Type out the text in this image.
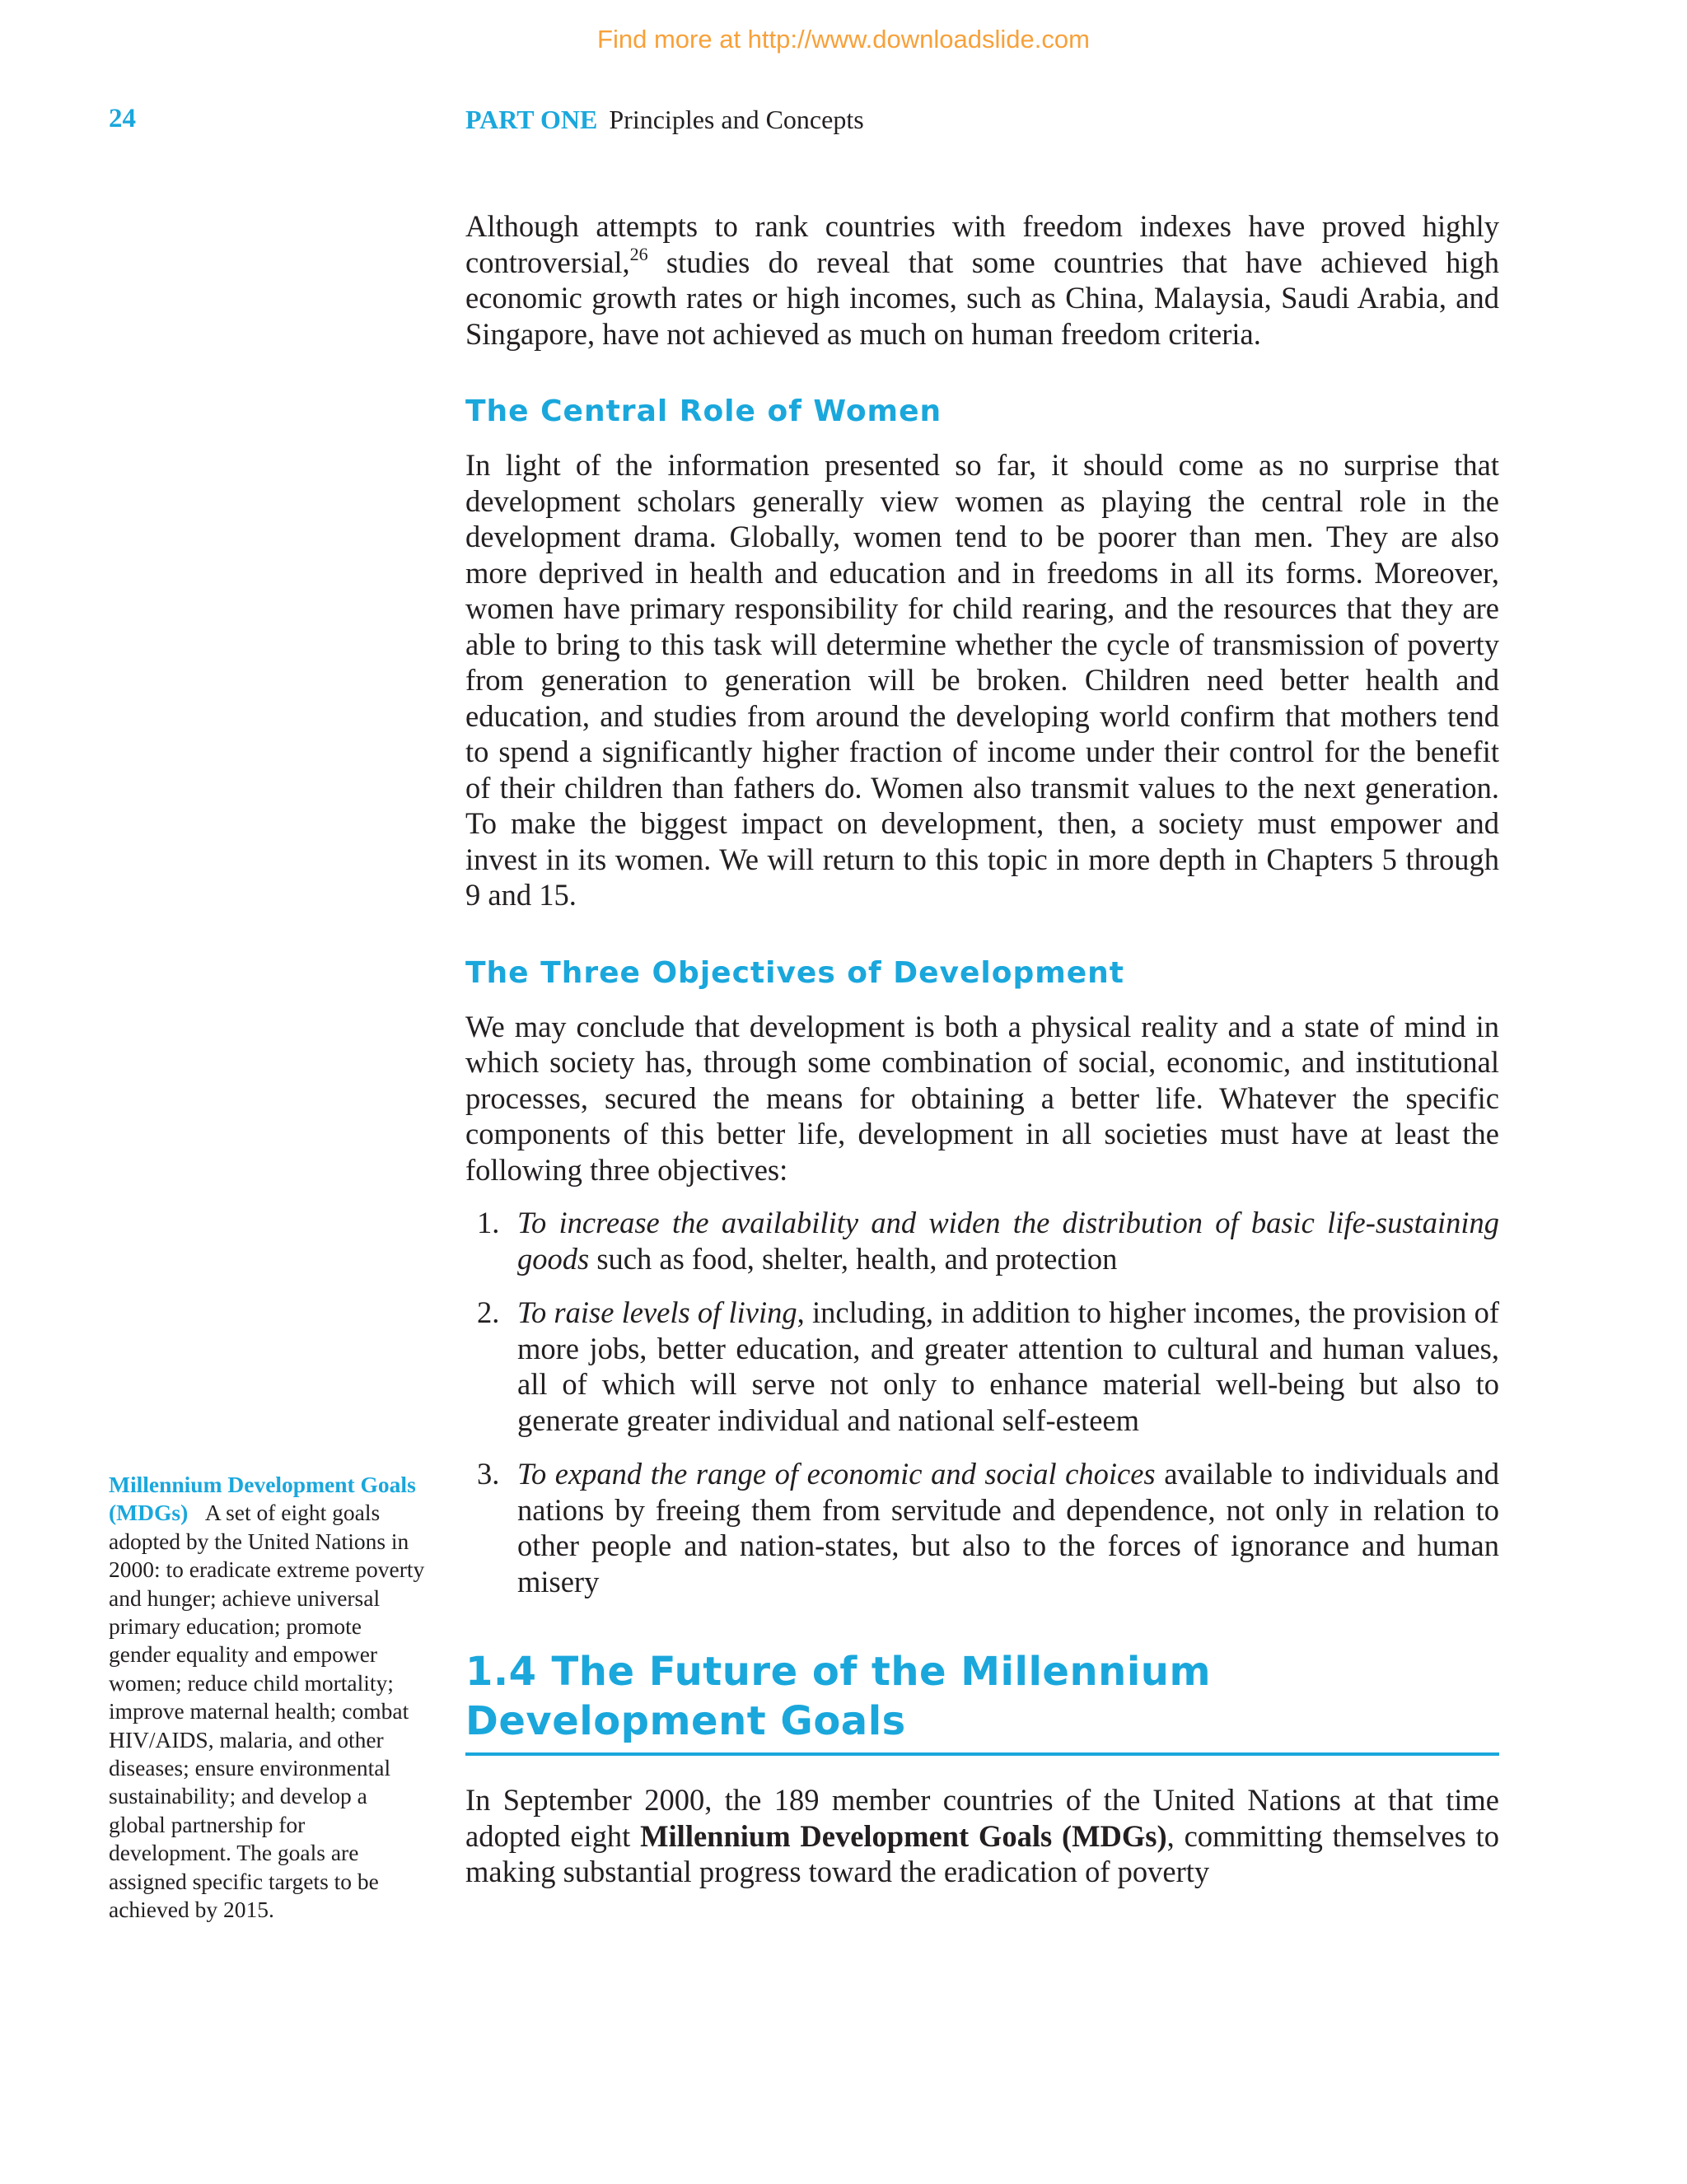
Find more at http://www.downloadslide.com
24	PART ONE Principles and Concepts

Although attempts to rank countries with freedom indexes have proved highly controversial,$^{26}$ studies do reveal that some countries that have achieved high economic growth rates or high incomes, such as China, Malaysia, Saudi Arabia, and Singapore, have not achieved as much on human freedom criteria.

The Central Role of Women

In light of the information presented so far, it should come as no surprise that development scholars generally view women as playing the central role in the development drama. Globally, women tend to be poorer than men. They are also more deprived in health and education and in freedoms in all its forms. Moreover, women have primary responsibility for child rearing, and the resources that they are able to bring to this task will determine whether the cycle of transmission of poverty from generation to generation will be broken. Children need better health and education, and studies from around the developing world confirm that mothers tend to spend a significantly higher fraction of income under their control for the benefit of their children than fathers do. Women also transmit values to the next generation. To make the biggest impact on development, then, a society must empower and invest in its women. We will return to this topic in more depth in Chapters 5 through 9 and 15.

The Three Objectives of Development

We may conclude that development is both a physical reality and a state of mind in which society has, through some combination of social, economic, and institutional processes, secured the means for obtaining a better life. Whatever the specific components of this better life, development in all societies must have at least the following three objectives:

1. To increase the availability and widen the distribution of basic life-sustaining goods such as food, shelter, health, and protection
2. To raise levels of living, including, in addition to higher incomes, the provision of more jobs, better education, and greater attention to cultural and human values, all of which will serve not only to enhance material well-being but also to generate greater individual and national self-esteem
3. To expand the range of economic and social choices available to individuals and nations by freeing them from servitude and dependence, not only in relation to other people and nation-states, but also to the forces of ignorance and human misery
1.4 The Future of the Millennium
Development Goals

In September 2000, the 189 member countries of the United Nations at that time adopted eight Millennium Development Goals (MDGs), committing themselves to making substantial progress toward the eradication of poverty

Millennium Development Goals (MDGs) A set of eight goals adopted by the United Nations in 2000: to eradicate extreme poverty and hunger; achieve universal primary education; promote gender equality and empower women; reduce child mortality; improve maternal health; combat HIV/AIDS, malaria, and other diseases; ensure environmental sustainability; and develop a global partnership for development. The goals are assigned specific targets to be achieved by 2015.
